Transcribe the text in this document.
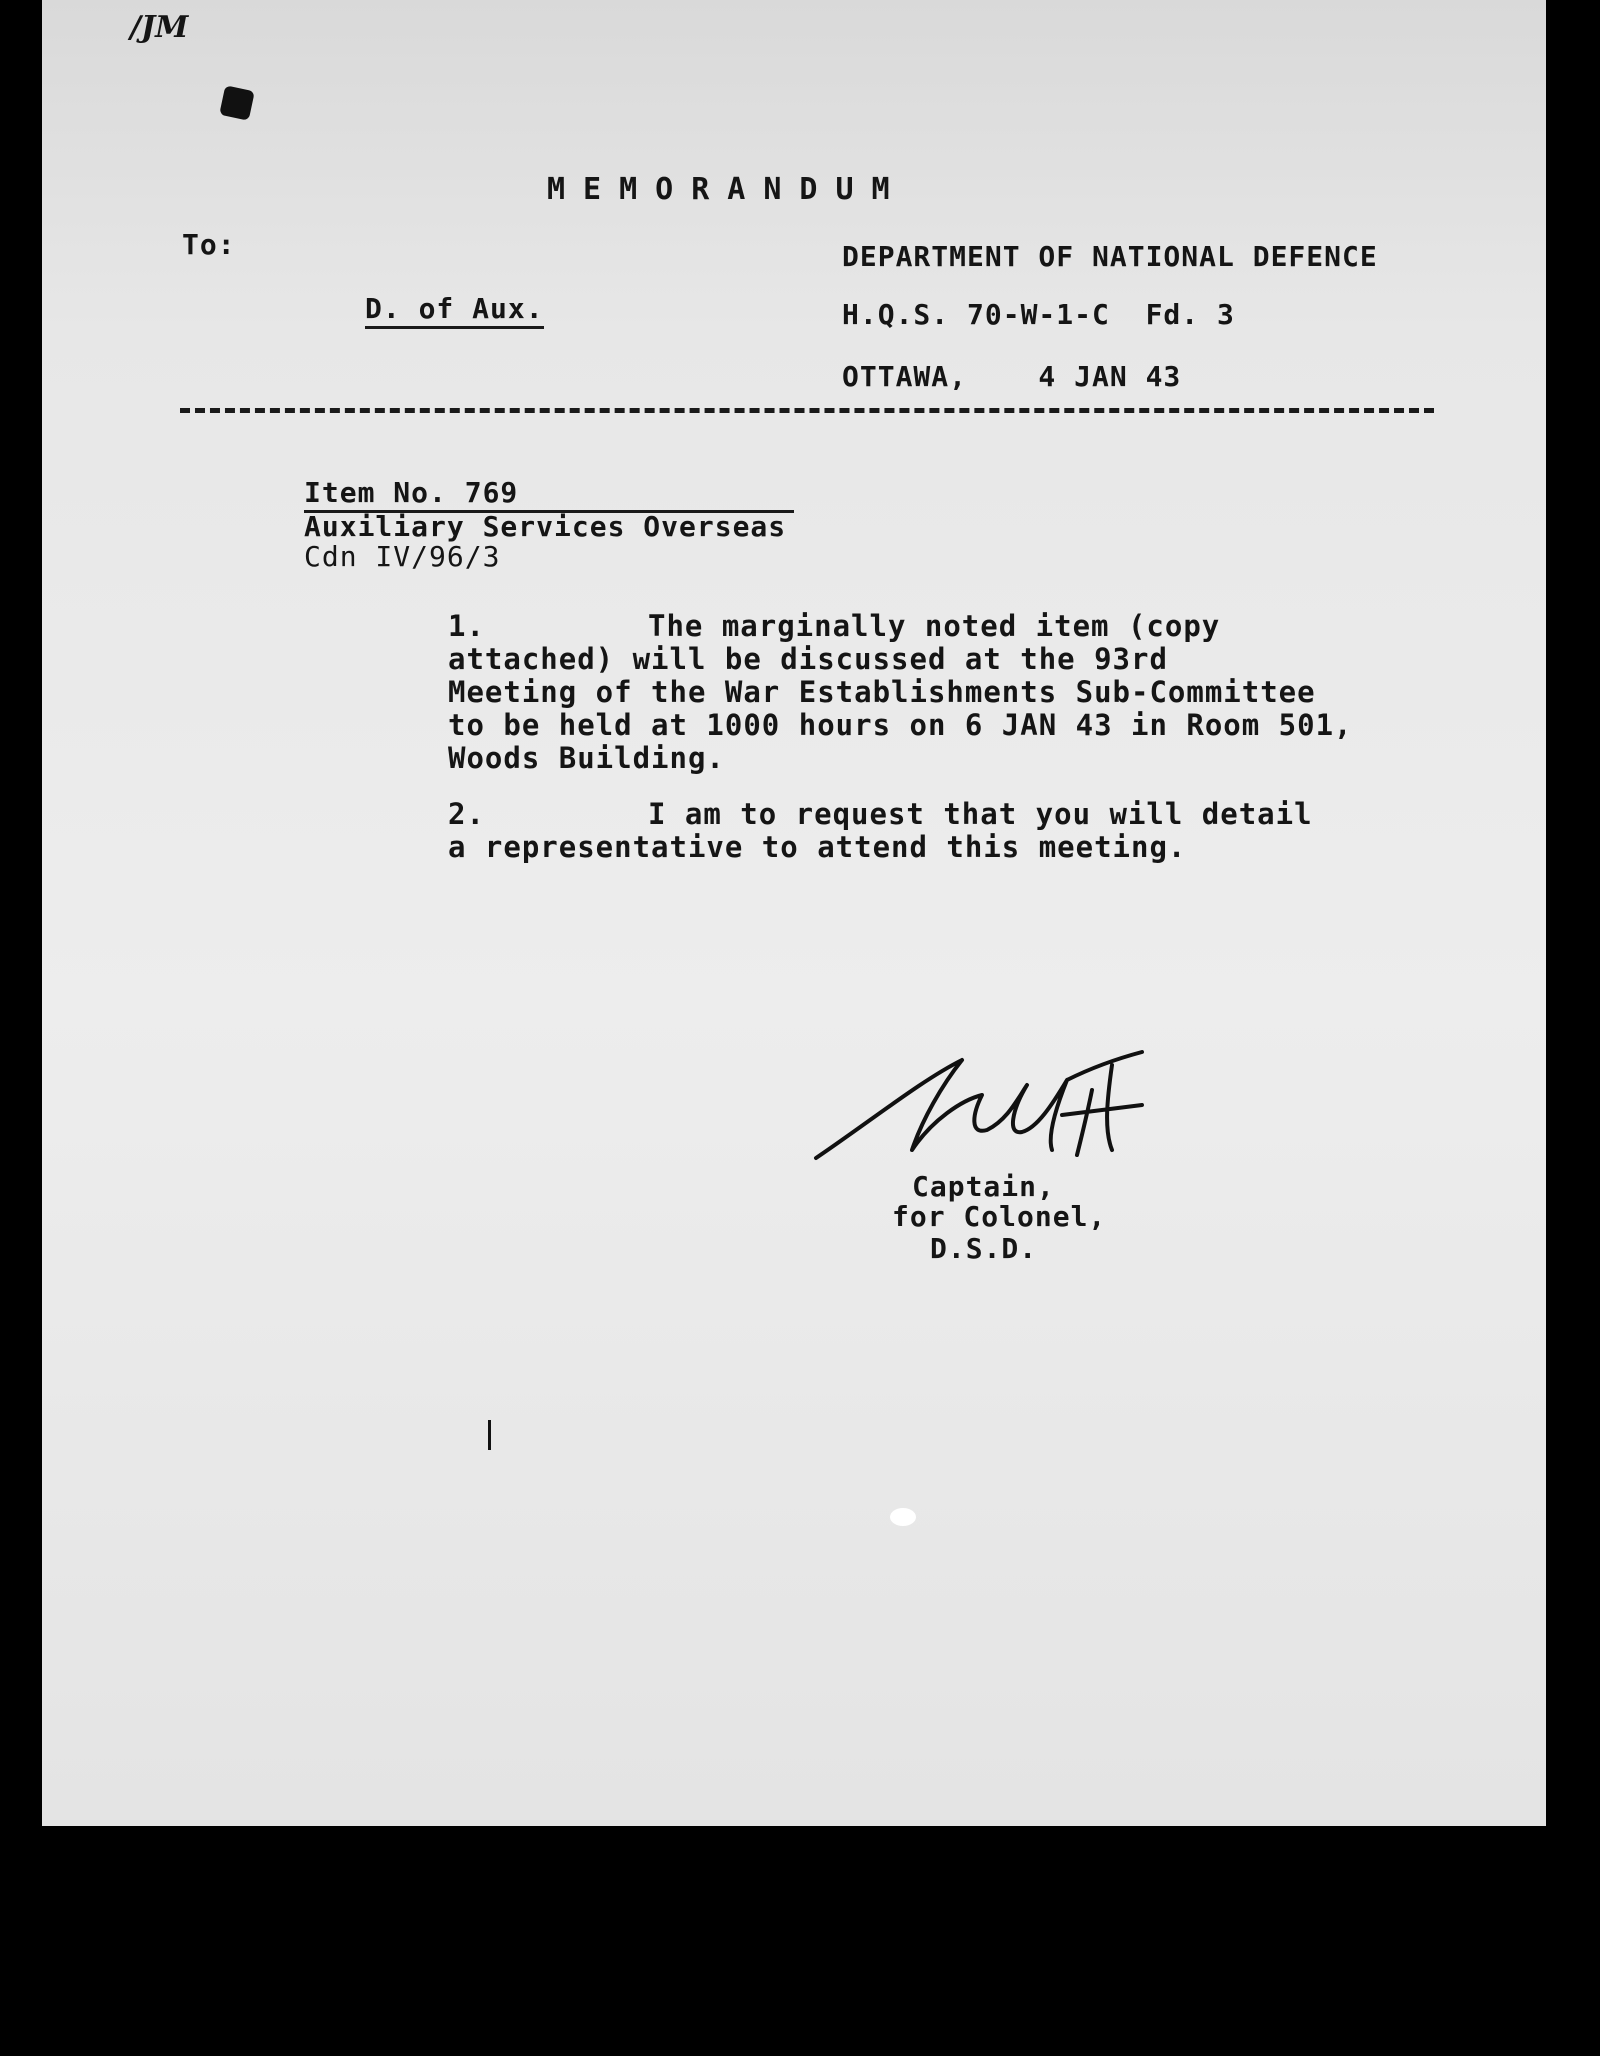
/JM
MEMORANDUM
To:
D. of Aux.
DEPARTMENT OF NATIONAL DEFENCE
H.Q.S. 70-W-1-C  Fd. 3
OTTAWA,    4 JAN 43
Item No. 769
Auxiliary Services Overseas
Cdn IV/96/3
1.	The marginally noted item (copy
attached) will be discussed at the 93rd
Meeting of the War Establishments Sub-Committee
to be held at 1000 hours on 6 JAN 43 in Room 501,
Woods Building.
2.	I am to request that you will detail
a representative to attend this meeting.
Captain,
for Colonel,
D.S.D.
